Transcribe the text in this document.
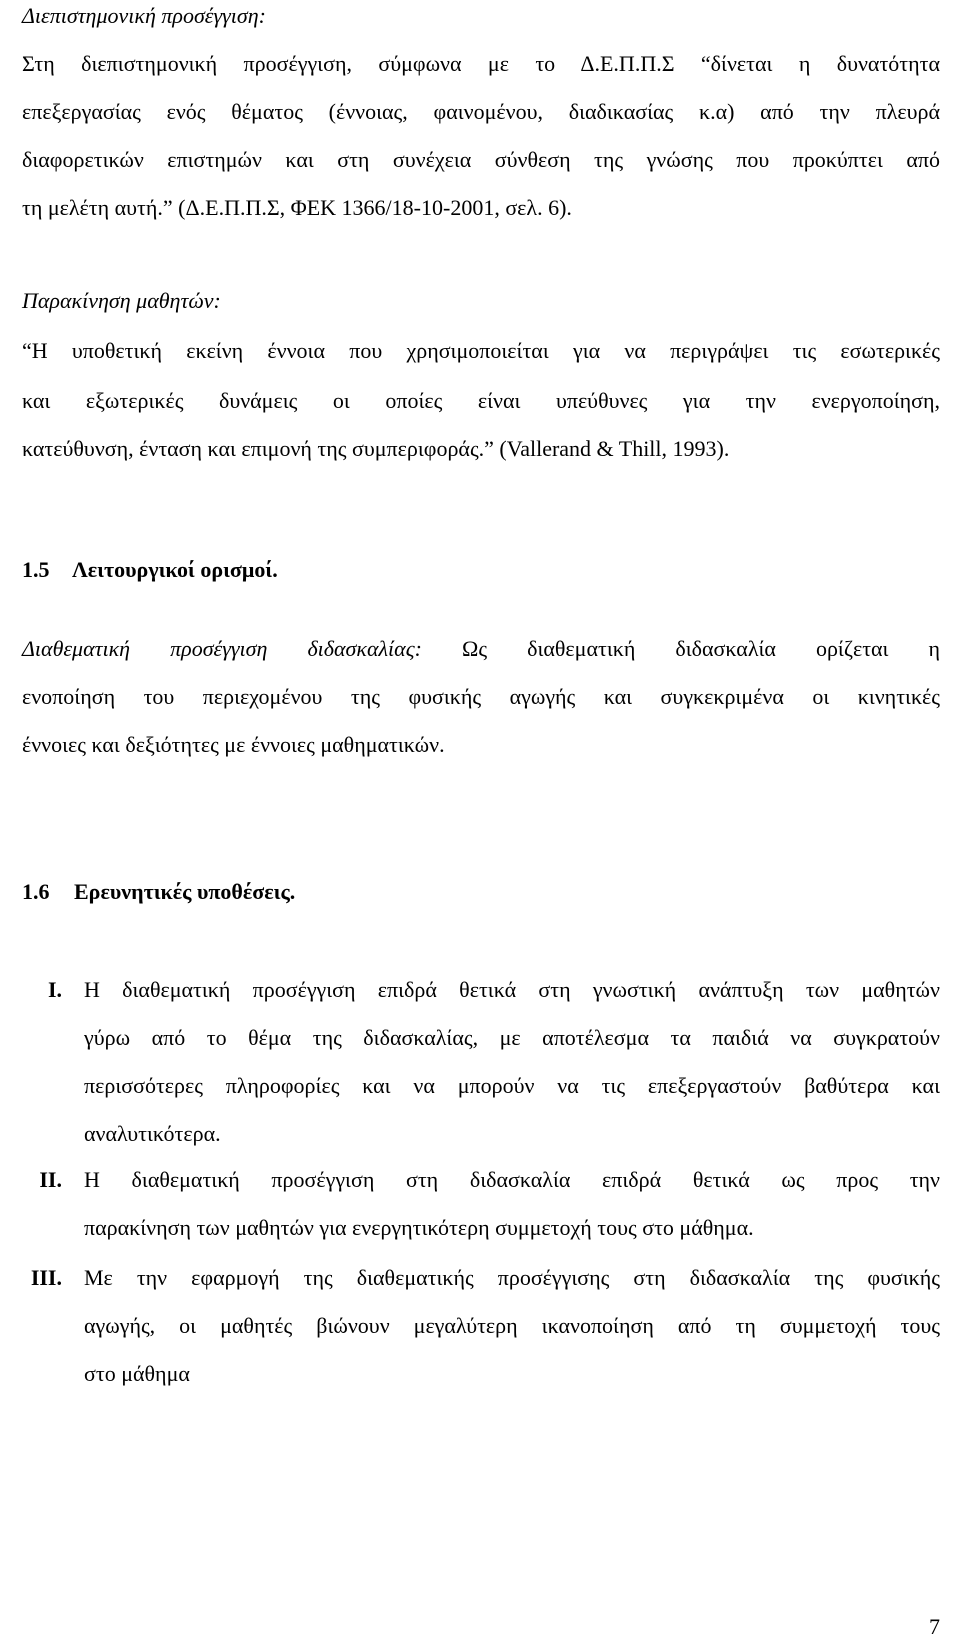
Διεπιστημονική προσέγγιση:
Στη διεπιστημονική προσέγγιση, σύμφωνα με το Δ.Ε.Π.Π.Σ “δίνεται η δυνατότητα
επεξεργασίας ενός θέματος (έννοιας, φαινομένου, διαδικασίας κ.α) από την πλευρά
διαφορετικών επιστημών και στη συνέχεια σύνθεση της γνώσης που προκύπτει από
τη μελέτη αυτή.” (Δ.Ε.Π.Π.Σ, ΦΕΚ 1366/18-10-2001, σελ. 6).
Παρακίνηση μαθητών:
“Η υποθετική εκείνη έννοια που χρησιμοποιείται για να περιγράψει τις εσωτερικές
και εξωτερικές δυνάμεις οι οποίες είναι υπεύθυνες για την ενεργοποίηση,
κατεύθυνση, ένταση και επιμονή της συμπεριφοράς.” (Vallerand & Thill, 1993).
1.5 Λειτουργικοί ορισμοί.
Διαθεματική προσέγγιση διδασκαλίας: Ως διαθεματική διδασκαλία ορίζεται η
ενοποίηση του περιεχομένου της φυσικής αγωγής και συγκεκριμένα οι κινητικές
έννοιες και δεξιότητες με έννοιες μαθηματικών.
1.6 Ερευνητικές υποθέσεις.
I. Η διαθεματική προσέγγιση επιδρά θετικά στη γνωστική ανάπτυξη των μαθητών
γύρω από το θέμα της διδασκαλίας, με αποτέλεσμα τα παιδιά να συγκρατούν
περισσότερες πληροφορίες και να μπορούν να τις επεξεργαστούν βαθύτερα και
αναλυτικότερα.
II. Η διαθεματική προσέγγιση στη διδασκαλία επιδρά θετικά ως προς την
παρακίνηση των μαθητών για ενεργητικότερη συμμετοχή τους στο μάθημα.
III. Με την εφαρμογή της διαθεματικής προσέγγισης στη διδασκαλία της φυσικής
αγωγής, οι μαθητές βιώνουν μεγαλύτερη ικανοποίηση από τη συμμετοχή τους
στο μάθημα
7
